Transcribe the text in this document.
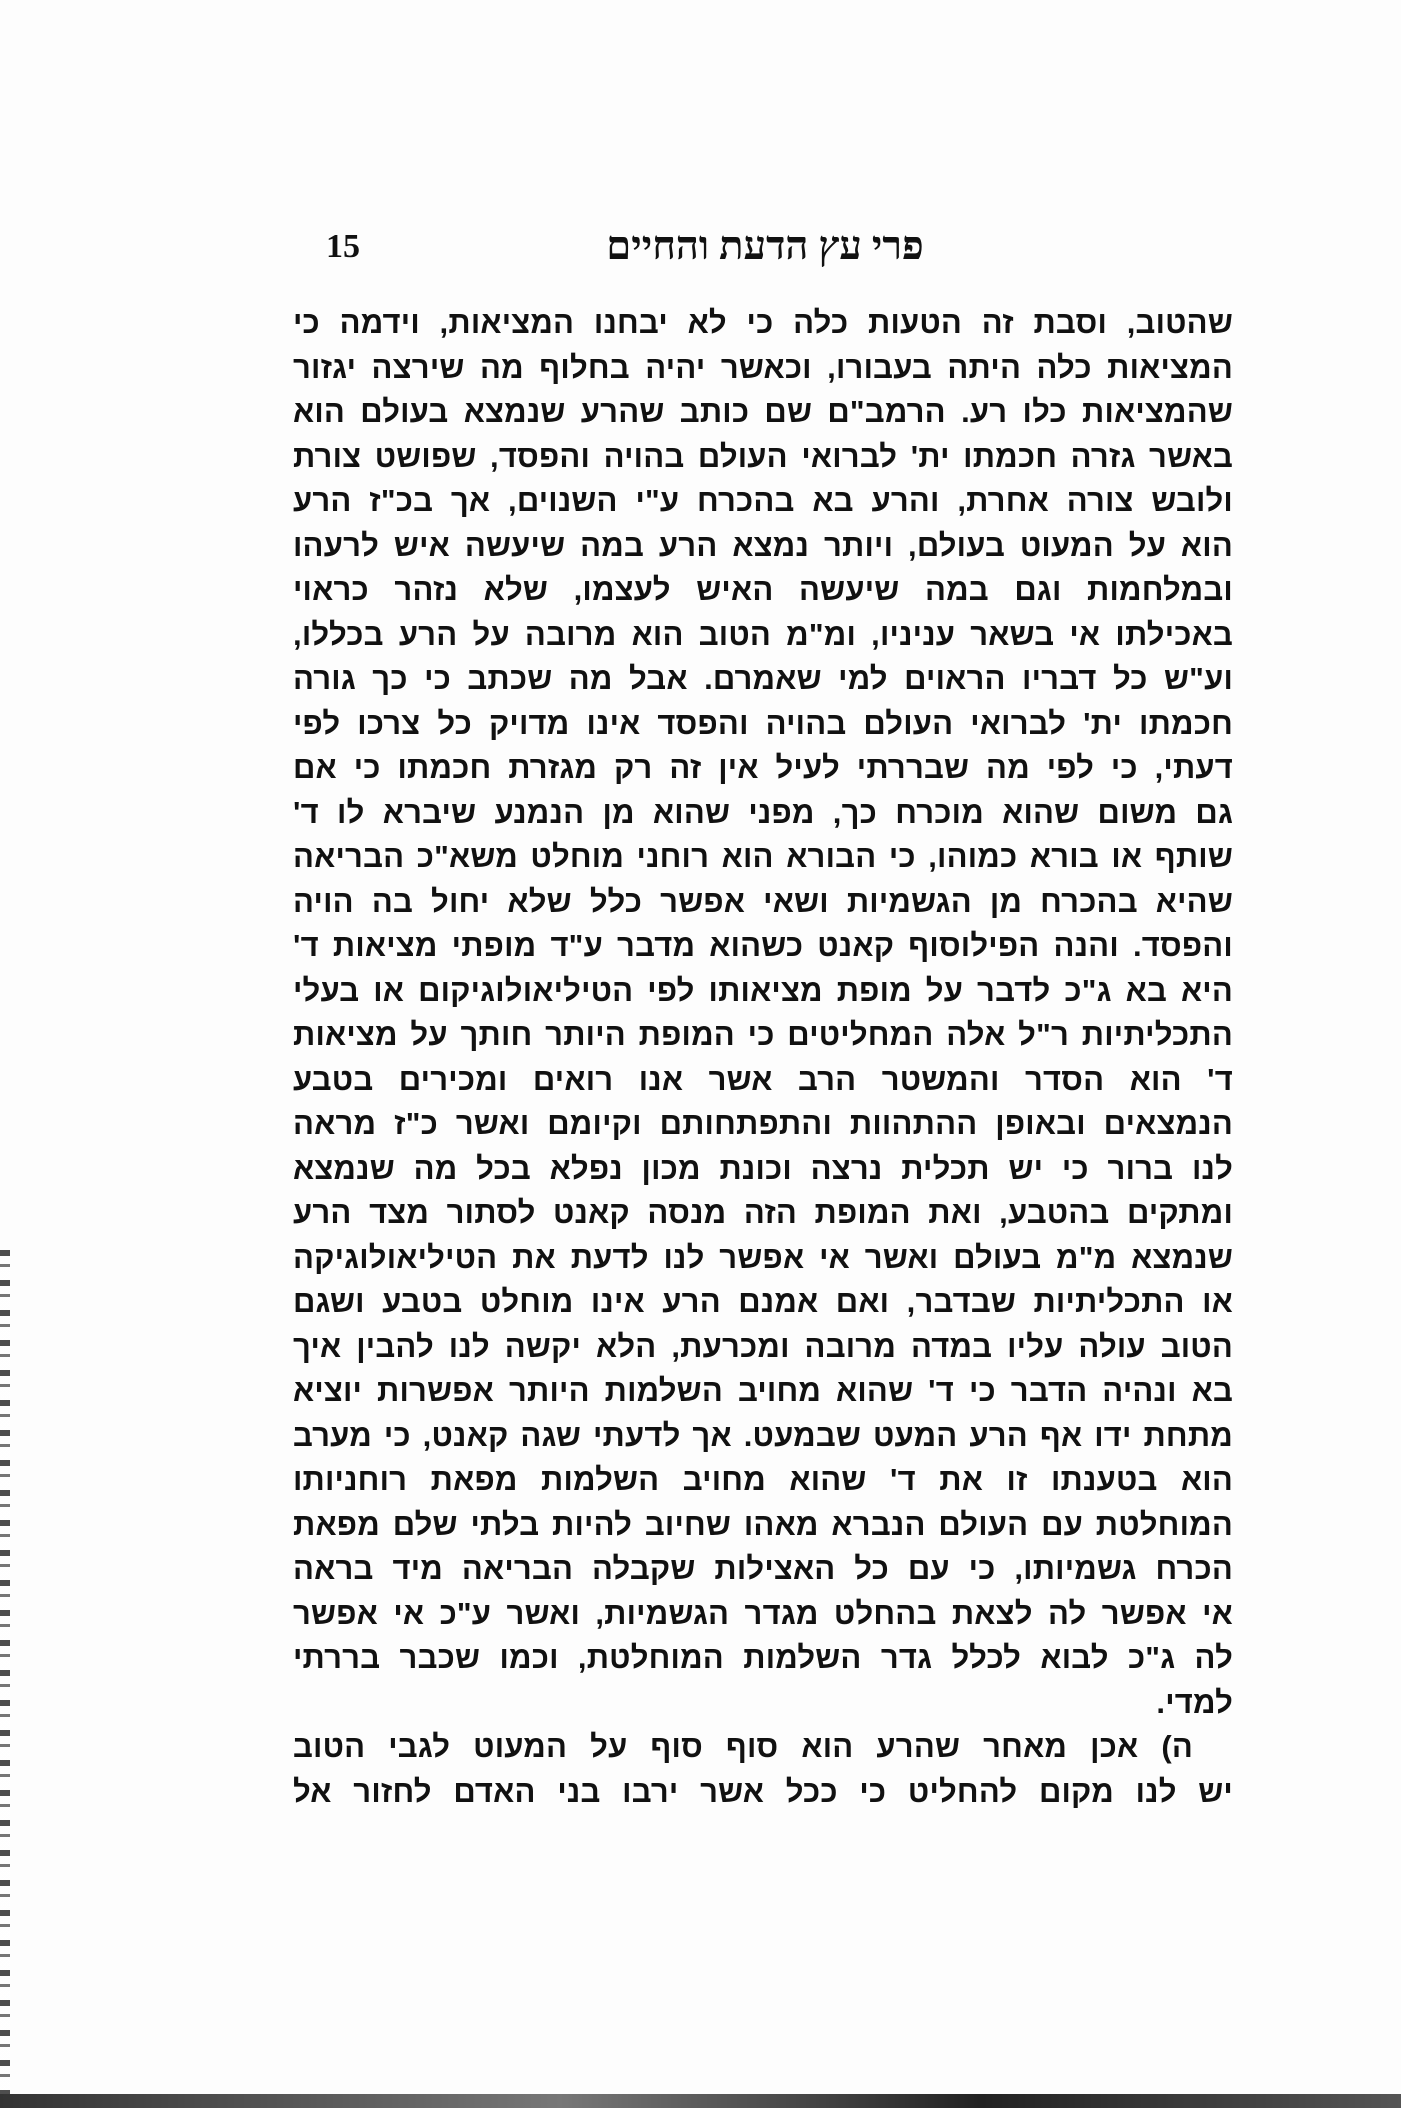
15	פרי עץ הדעת והחיים
שהטוב, וסבת זה הטעות כלה כי לא יבחנו המציאות, וידמה כי
המציאות כלה היתה בעבורו, וכאשר יהיה בחלוף מה שירצה יגזור
שהמציאות כלו רע. הרמב"ם שם כותב שהרע שנמצא בעולם הוא
באשר גזרה חכמתו ית' לברואי העולם בהויה והפסד, שפושט צורת
ולובש צורה אחרת, והרע בא בהכרח ע"י השנוים, אך בכ"ז הרע
הוא על המעוט בעולם, ויותר נמצא הרע במה שיעשה איש לרעהו
ובמלחמות וגם במה שיעשה האיש לעצמו, שלא נזהר כראוי
באכילתו אי בשאר עניניו, ומ"מ הטוב הוא מרובה על הרע בכללו,
וע"ש כל דבריו הראוים למי שאמרם. אבל מה שכתב כי כך גורה
חכמתו ית' לברואי העולם בהויה והפסד אינו מדויק כל צרכו לפי
דעתי, כי לפי מה שבררתי לעיל אין זה רק מגזרת חכמתו כי אם
גם משום שהוא מוכרח כך, מפני שהוא מן הנמנע שיברא לו ד'
שותף או בורא כמוהו, כי הבורא הוא רוחני מוחלט משא"כ הבריאה
שהיא בהכרח מן הגשמיות ושאי אפשר כלל שלא יחול בה הויה
והפסד. והנה הפילוסוף קאנט כשהוא מדבר ע"ד מופתי מציאות ד'
היא בא ג"כ לדבר על מופת מציאותו לפי הטיליאולוגיקום או בעלי
התכליתיות ר"ל אלה המחליטים כי המופת היותר חותך על מציאות
ד' הוא הסדר והמשטר הרב אשר אנו רואים ומכירים בטבע
הנמצאים ובאופן ההתהוות והתפתחותם וקיומם ואשר כ"ז מראה
לנו ברור כי יש תכלית נרצה וכונת מכון נפלא בכל מה שנמצא
ומתקים בהטבע, ואת המופת הזה מנסה קאנט לסתור מצד הרע
שנמצא מ"מ בעולם ואשר אי אפשר לנו לדעת את הטיליאולוגיקה
או התכליתיות שבדבר, ואם אמנם הרע אינו מוחלט בטבע ושגם
הטוב עולה עליו במדה מרובה ומכרעת, הלא יקשה לנו להבין איך
בא ונהיה הדבר כי ד' שהוא מחויב השלמות היותר אפשרות יוציא
מתחת ידו אף הרע המעט שבמעט. אך לדעתי שגה קאנט, כי מערב
הוא בטענתו זו את ד' שהוא מחויב השלמות מפאת רוחניותו
המוחלטת עם העולם הנברא מאהו שחיוב להיות בלתי שלם מפאת
הכרח גשמיותו, כי עם כל האצילות שקבלה הבריאה מיד בראה
אי אפשר לה לצאת בהחלט מגדר הגשמיות, ואשר ע"כ אי אפשר
לה ג"כ לבוא לכלל גדר השלמות המוחלטת, וכמו שכבר בררתי
למדי.
ה) אכן מאחר שהרע הוא סוף סוף על המעוט לגבי הטוב
יש לנו מקום להחליט כי ככל אשר ירבו בני האדם לחזור אל
